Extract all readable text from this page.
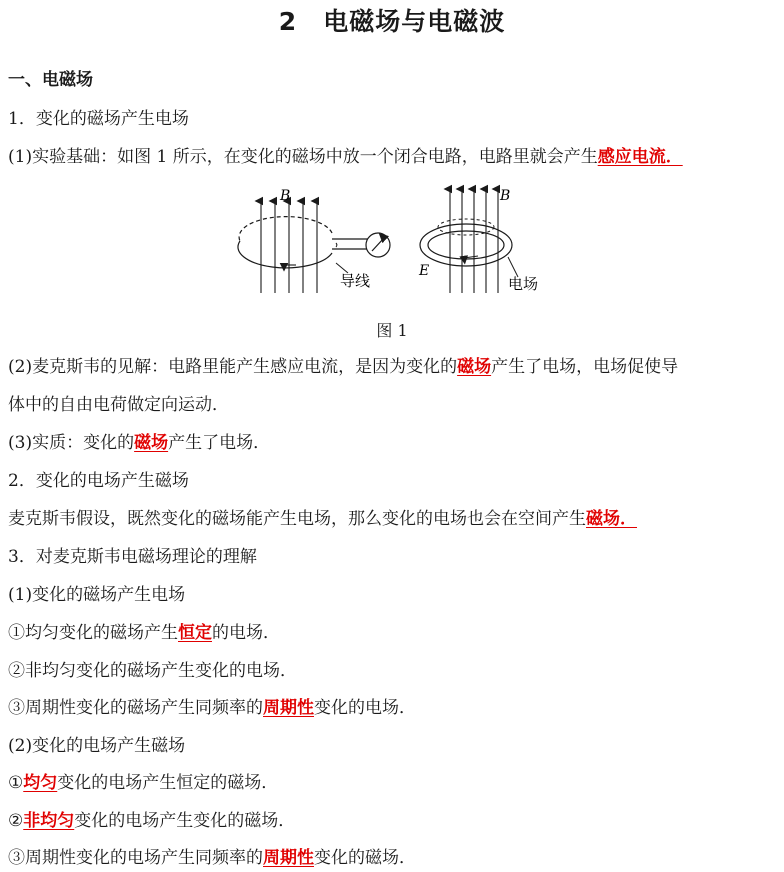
2 电磁场与电磁波
一、电磁场
1．变化的磁场产生电场
(1)实验基础：如图 1 所示，在变化的磁场中放一个闭合电路，电路里就会产生感应电流．
B
导线
B
E
电场
图 1
(2)麦克斯韦的见解：电路里能产生感应电流，是因为变化的磁场产生了电场，电场促使导
体中的自由电荷做定向运动．
(3)实质：变化的磁场产生了电场．
2．变化的电场产生磁场
麦克斯韦假设，既然变化的磁场能产生电场，那么变化的电场也会在空间产生磁场．
3．对麦克斯韦电磁场理论的理解
(1)变化的磁场产生电场
①均匀变化的磁场产生恒定的电场．
②非均匀变化的磁场产生变化的电场．
③周期性变化的磁场产生同频率的周期性变化的电场．
(2)变化的电场产生磁场
①均匀变化的电场产生恒定的磁场．
②非均匀变化的电场产生变化的磁场．
③周期性变化的电场产生同频率的周期性变化的磁场．
